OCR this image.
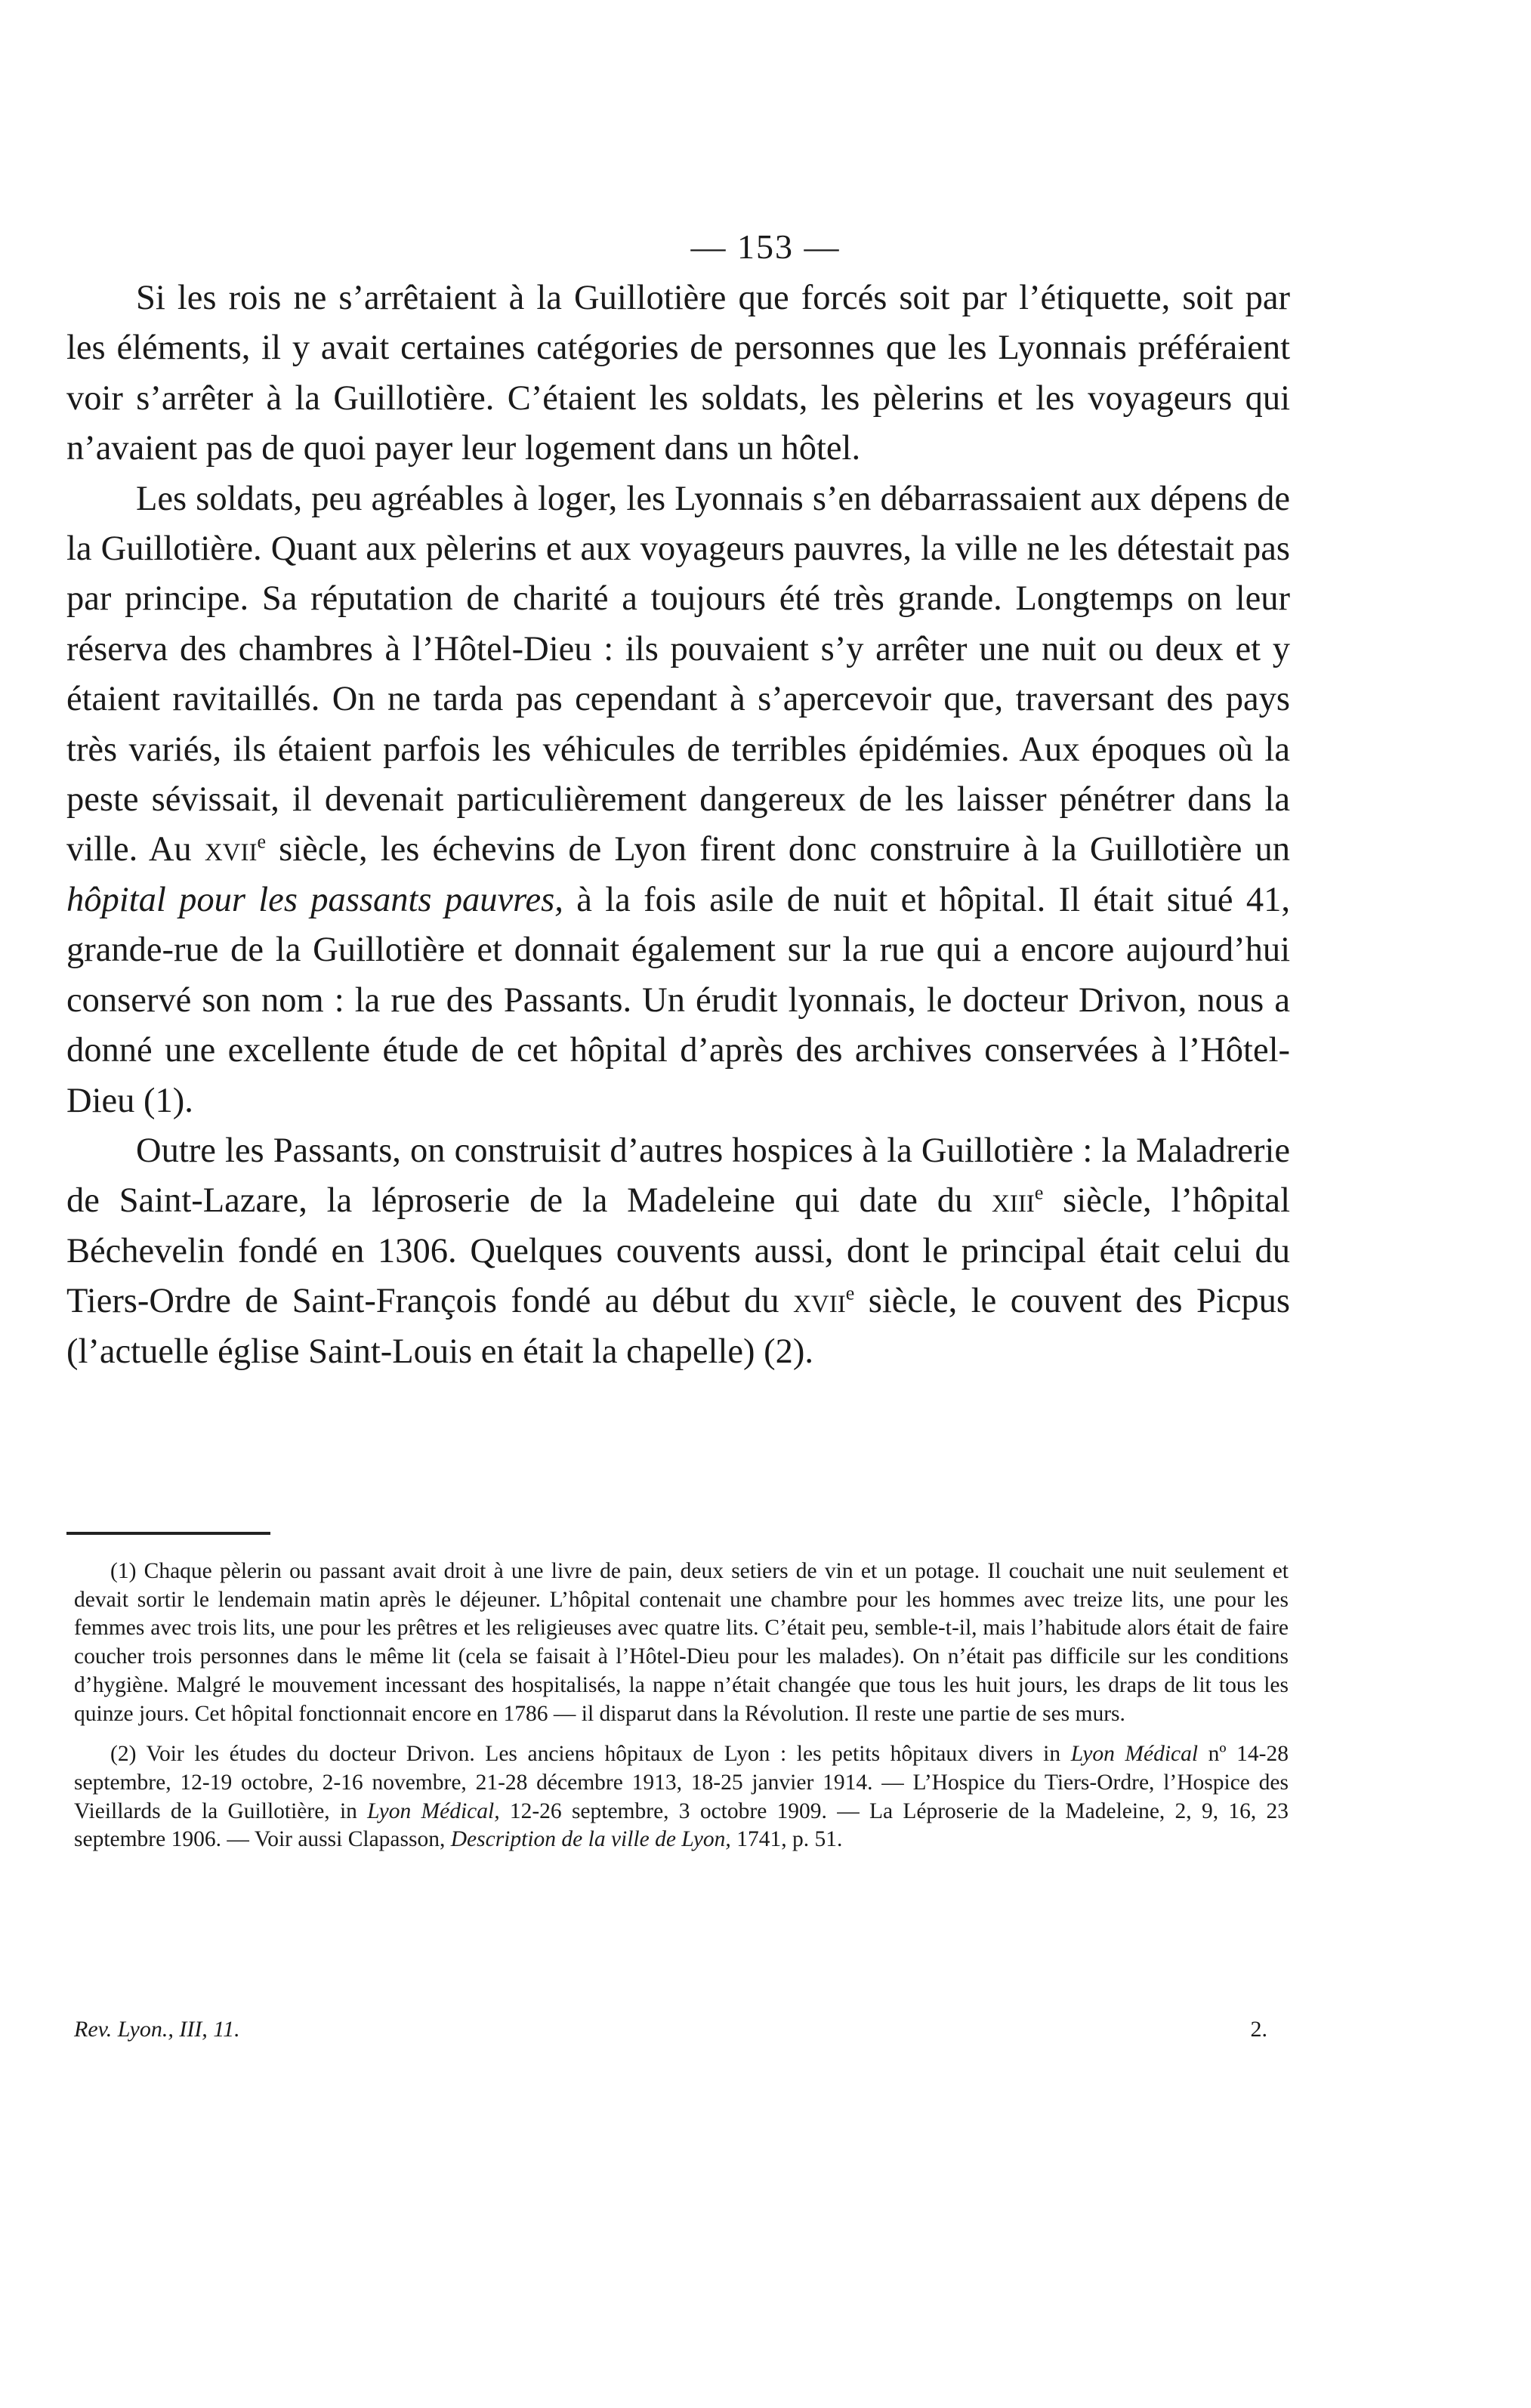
— 153 —

Si les rois ne s’arrêtaient à la Guillotière que forcés soit par l’étiquette, soit par les éléments, il y avait certaines catégories de personnes que les Lyonnais préféraient voir s’arrêter à la Guillotière. C’étaient les soldats, les pèlerins et les voyageurs qui n’avaient pas de quoi payer leur logement dans un hôtel.

Les soldats, peu agréables à loger, les Lyonnais s’en débarrassaient aux dépens de la Guillotière. Quant aux pèlerins et aux voyageurs pauvres, la ville ne les détestait pas par principe. Sa réputation de charité a toujours été très grande. Longtemps on leur réserva des chambres à l’Hôtel-Dieu : ils pouvaient s’y arrêter une nuit ou deux et y étaient ravitaillés. On ne tarda pas cependant à s’apercevoir que, traversant des pays très variés, ils étaient parfois les véhicules de terribles épidémies. Aux époques où la peste sévissait, il devenait particulièrement dangereux de les laisser pénétrer dans la ville. Au xvii$^e$ siècle, les échevins de Lyon firent donc construire à la Guillotière un hôpital pour les passants pauvres, à la fois asile de nuit et hôpital. Il était situé 41, grande-rue de la Guillotière et donnait également sur la rue qui a encore aujourd’hui conservé son nom : la rue des Passants. Un érudit lyonnais, le docteur Drivon, nous a donné une excellente étude de cet hôpital d’après des archives conservées à l’Hôtel-Dieu (1).

Outre les Passants, on construisit d’autres hospices à la Guillotière : la Maladrerie de Saint-Lazare, la léproserie de la Madeleine qui date du xiii$^e$ siècle, l’hôpital Béchevelin fondé en 1306. Quelques couvents aussi, dont le principal était celui du Tiers-Ordre de Saint-François fondé au début du xvii$^e$ siècle, le couvent des Picpus (l’actuelle église Saint-Louis en était la chapelle) (2).

(1) Chaque pèlerin ou passant avait droit à une livre de pain, deux setiers de vin et un potage. Il couchait une nuit seulement et devait sortir le lendemain matin après le déjeuner. L’hôpital contenait une chambre pour les hommes avec treize lits, une pour les femmes avec trois lits, une pour les prêtres et les religieuses avec quatre lits. C’était peu, semble-t-il, mais l’habitude alors était de faire coucher trois personnes dans le même lit (cela se faisait à l’Hôtel-Dieu pour les malades). On n’était pas difficile sur les conditions d’hygiène. Malgré le mouvement incessant des hospitalisés, la nappe n’était changée que tous les huit jours, les draps de lit tous les quinze jours. Cet hôpital fonctionnait encore en 1786 — il disparut dans la Révolution. Il reste une partie de ses murs.

(2) Voir les études du docteur Drivon. Les anciens hôpitaux de Lyon : les petits hôpitaux divers in Lyon Médical nº 14-28 septembre, 12-19 octobre, 2-16 novembre, 21-28 décembre 1913, 18-25 janvier 1914. — L’Hospice du Tiers-Ordre, l’Hospice des Vieillards de la Guillotière, in Lyon Médical, 12-26 septembre, 3 octobre 1909. — La Léproserie de la Madeleine, 2, 9, 16, 23 septembre 1906. — Voir aussi Clapasson, Description de la ville de Lyon, 1741, p. 51.

Rev. Lyon., III, 11.	2.
